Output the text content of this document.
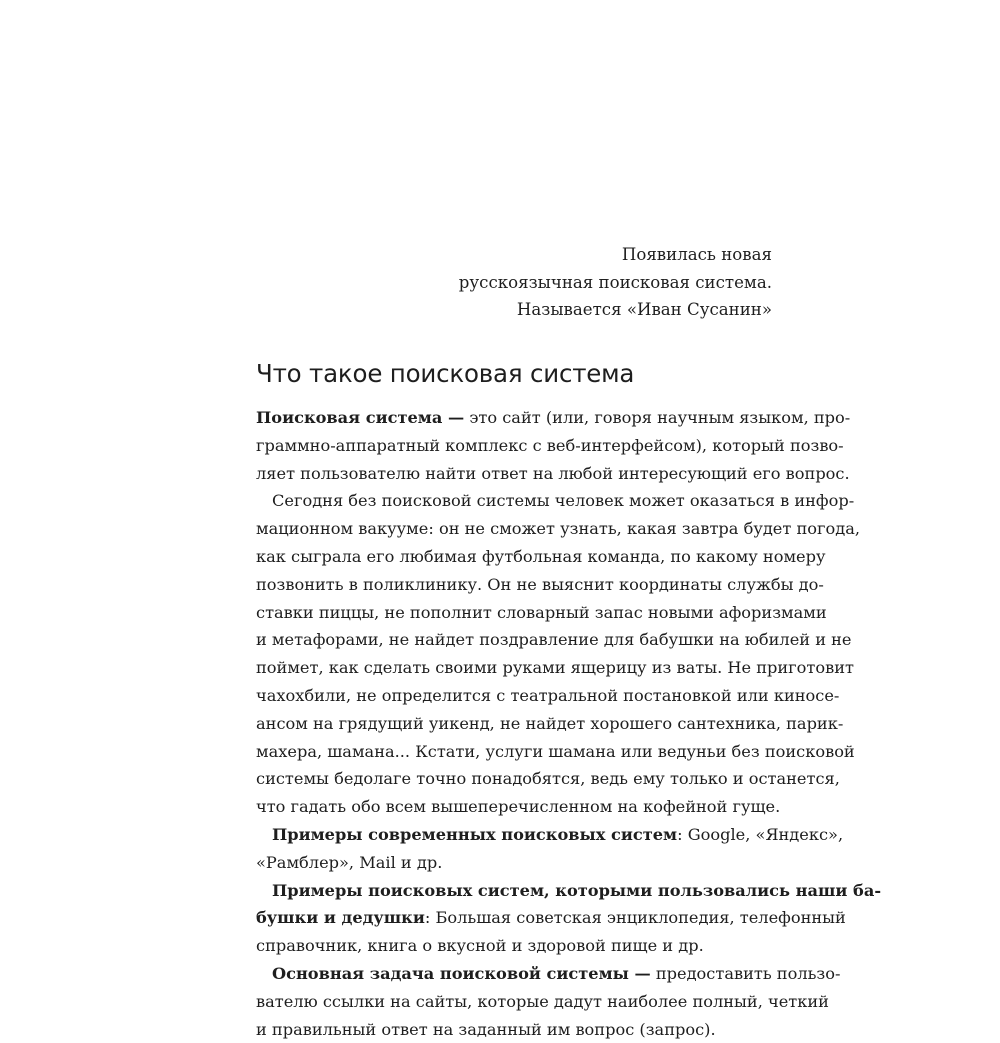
Появилась новая
русскоязычная поисковая система.
Называется «Иван Сусанин»
Что такое поисковая система
Поисковая система — это сайт (или, говоря научным языком, про-
граммно-аппаратный комплекс с веб-интерфейсом), который позво-
ляет пользователю найти ответ на любой интересующий его вопрос.
Сегодня без поисковой системы человек может оказаться в инфор-
мационном вакууме: он не сможет узнать, какая завтра будет погода,
как сыграла его любимая футбольная команда, по какому номеру
позвонить в поликлинику. Он не выяснит координаты службы до-
ставки пиццы, не пополнит словарный запас новыми афоризмами
и метафорами, не найдет поздравление для бабушки на юбилей и не
поймет, как сделать своими руками ящерицу из ваты. Не приготовит
чахохбили, не определится с театральной постановкой или киносе-
ансом на грядущий уикенд, не найдет хорошего сантехника, парик-
махера, шамана... Кстати, услуги шамана или ведуньи без поисковой
системы бедолаге точно понадобятся, ведь ему только и останется,
что гадать обо всем вышеперечисленном на кофейной гуще.
Примеры современных поисковых систем: Google, «Яндекс»,
«Рамблер», Mail и др.
Примеры поисковых систем, которыми пользовались наши ба-
бушки и дедушки: Большая советская энциклопедия, телефонный
справочник, книга о вкусной и здоровой пище и др.
Основная задача поисковой системы — предоставить пользо-
вателю ссылки на сайты, которые дадут наиболее полный, четкий
и правильный ответ на заданный им вопрос (запрос).
